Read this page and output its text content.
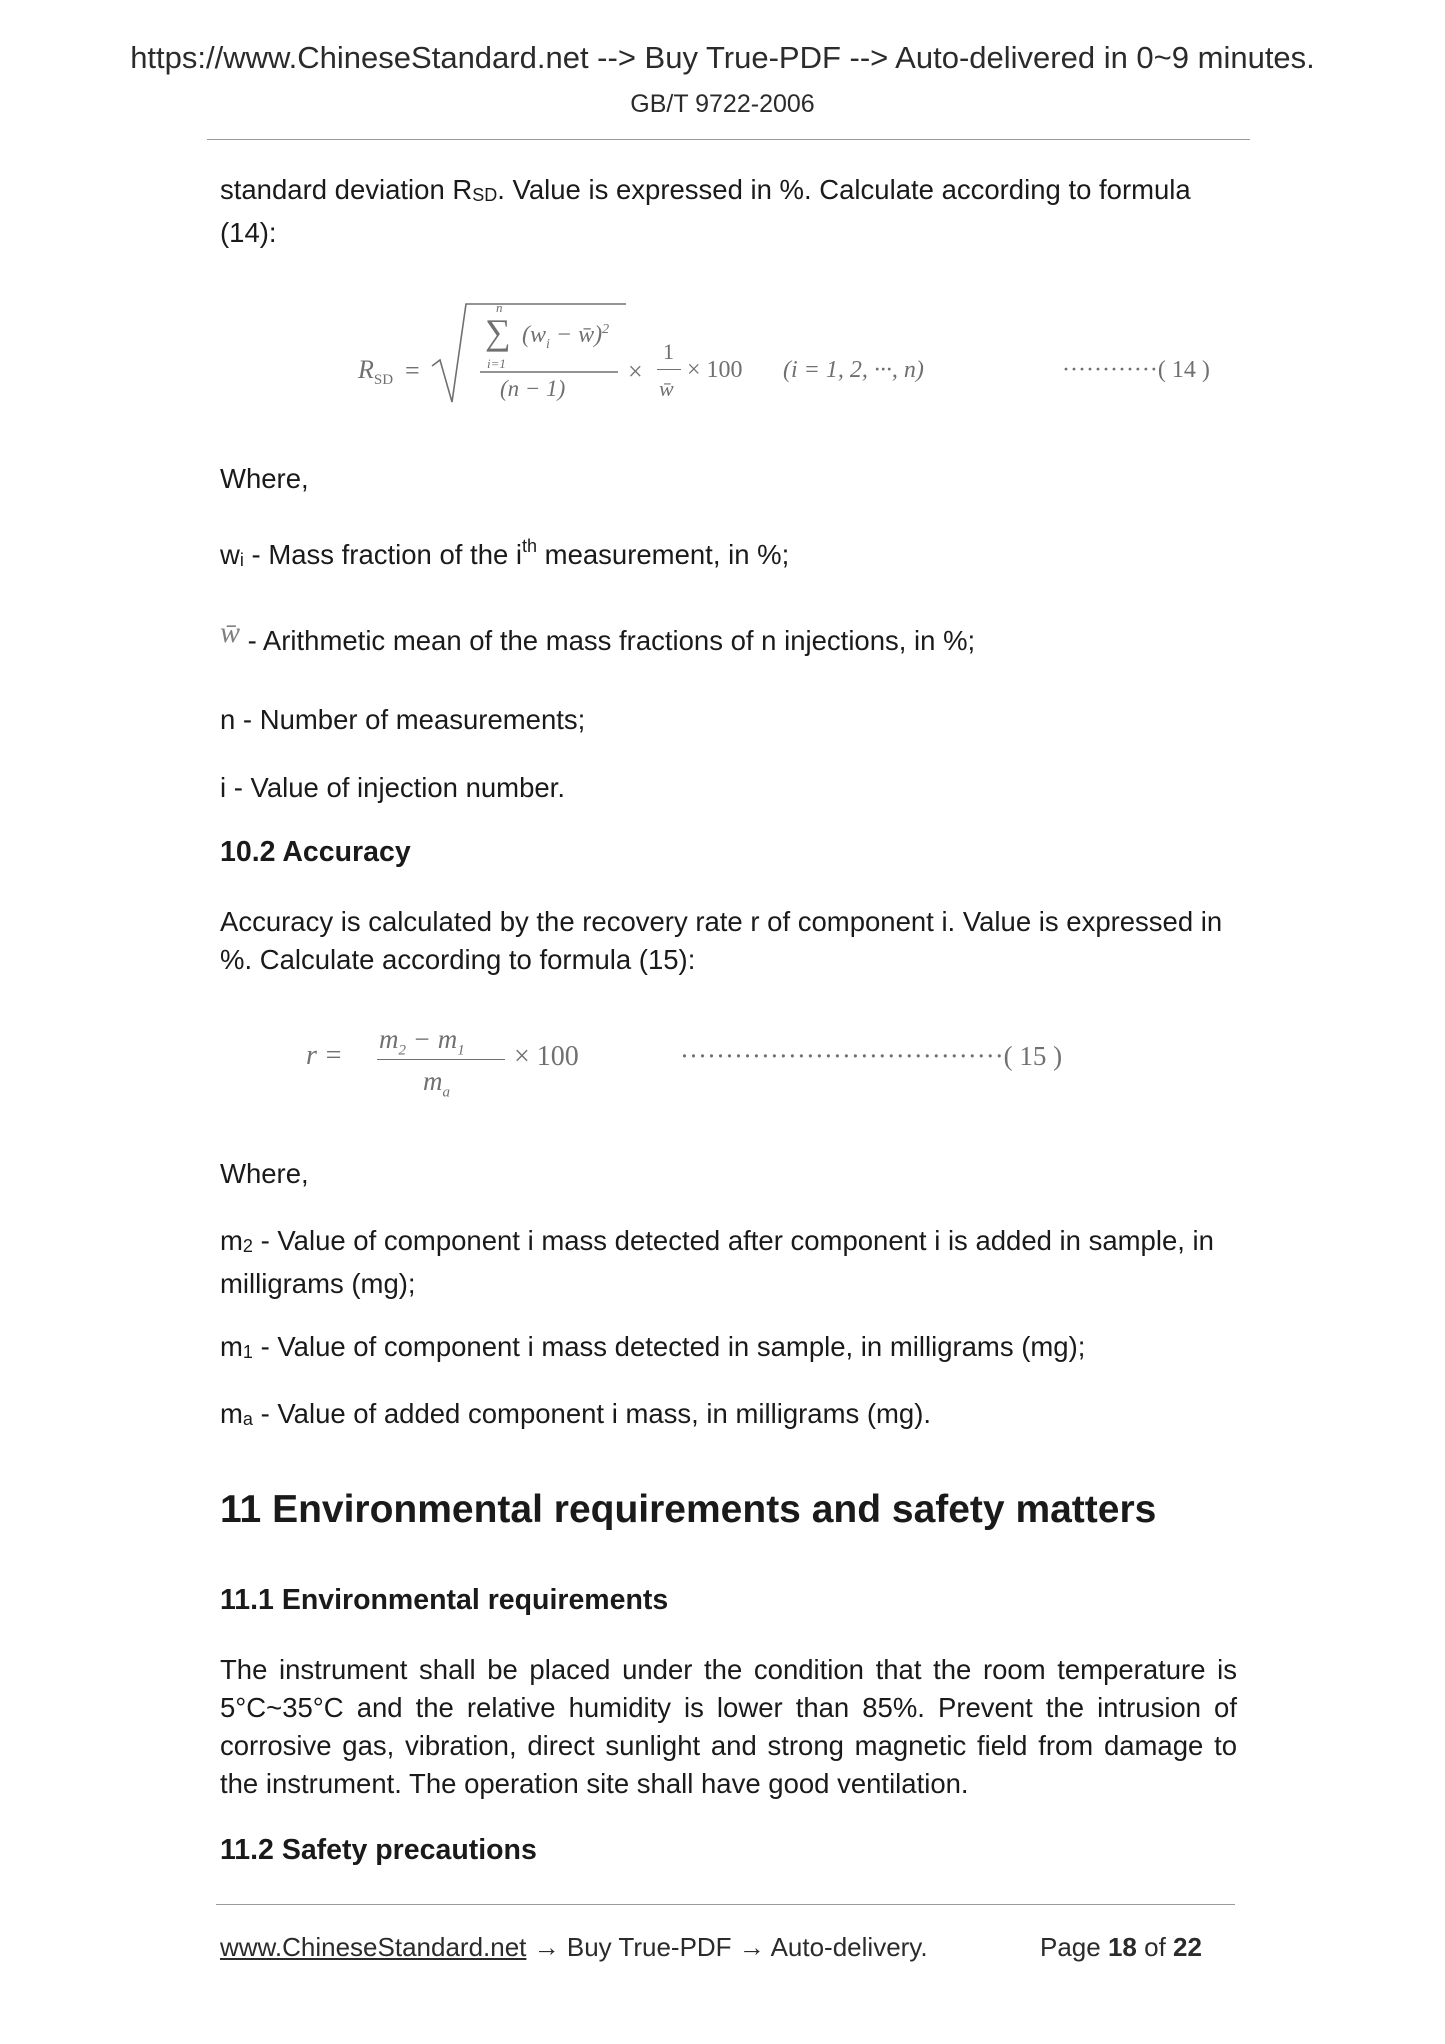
https://www.ChineseStandard.net --> Buy True-PDF --> Auto-delivered in 0~9 minutes.
GB/T 9722-2006
standard deviation $R_{SD}$. Value is expressed in %. Calculate according to formula (14):
$R_{SD}$ =
∑
n
i=1
($w_i$ − w̄)$^2$
(n − 1)
×
1
w̄
× 100 (i = 1, 2, ···, n)	············( 14 )
Where,
$w_i$ - Mass fraction of the $i^{th}$ measurement, in %;
w̄ - Arithmetic mean of the mass fractions of n injections, in %;
n - Number of measurements;
i - Value of injection number.
10.2 Accuracy
Accuracy is calculated by the recovery rate r of component i. Value is expressed in %. Calculate according to formula (15):
r =
$m_2 - m_1$
$m_a$
× 100	····································( 15 )
Where,
$m_2$ - Value of component i mass detected after component i is added in sample, in milligrams (mg);
$m_1$ - Value of component i mass detected in sample, in milligrams (mg);
$m_a$ - Value of added component i mass, in milligrams (mg).
11 Environmental requirements and safety matters
11.1 Environmental requirements
The instrument shall be placed under the condition that the room temperature is 5°C~35°C and the relative humidity is lower than 85%. Prevent the intrusion of corrosive gas, vibration, direct sunlight and strong magnetic field from damage to the instrument. The operation site shall have good ventilation.
11.2 Safety precautions
www.ChineseStandard.net → Buy True-PDF → Auto-delivery.	Page 18 of 22
